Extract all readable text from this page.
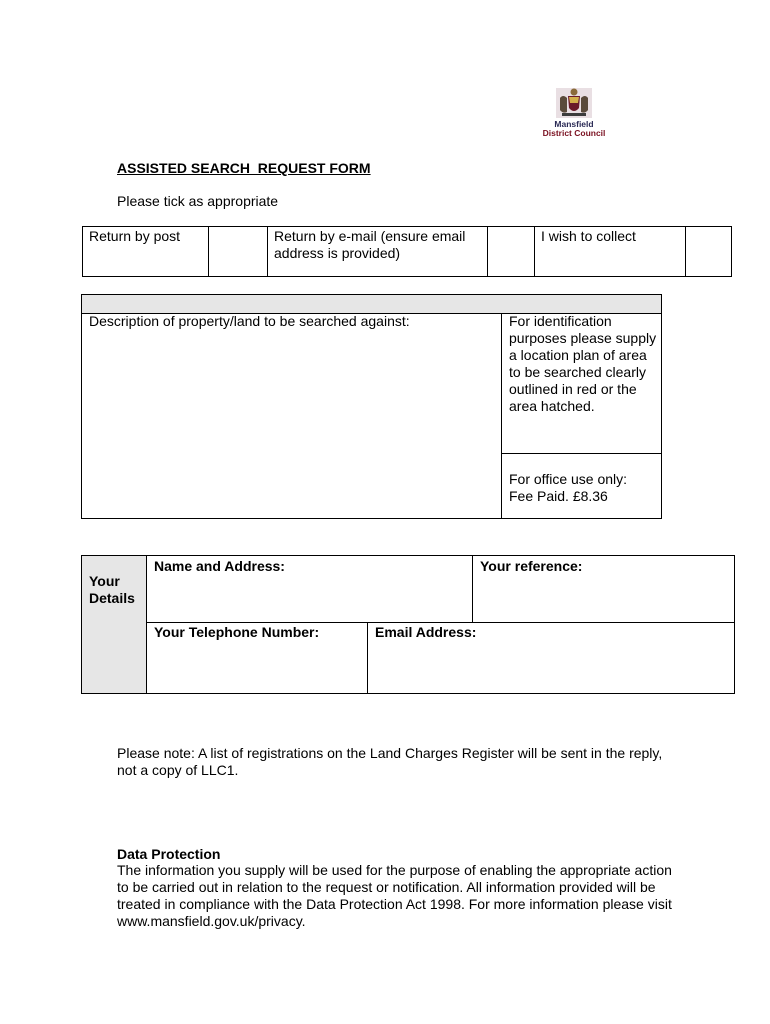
Mansfield
District Council
ASSISTED SEARCH  REQUEST FORM
Please tick as appropriate
Return by post		Return by e-mail (ensure email address is provided)		I wish to collect	
Description of property/land to be searched against:	For identification purposes please supply a location plan of area to be searched clearly outlined in red or the area hatched.
For office use only:
Fee Paid. £8.36
Your Details
Name and Address:	Your reference:
Your Telephone Number:	Email Address:
Please note: A list of registrations on the Land Charges Register will be sent in the reply, not a copy of LLC1.
Data Protection
The information you supply will be used for the purpose of enabling the appropriate action to be carried out in relation to the request or notification. All information provided will be treated in compliance with the Data Protection Act 1998. For more information please visit www.mansfield.gov.uk/privacy.
